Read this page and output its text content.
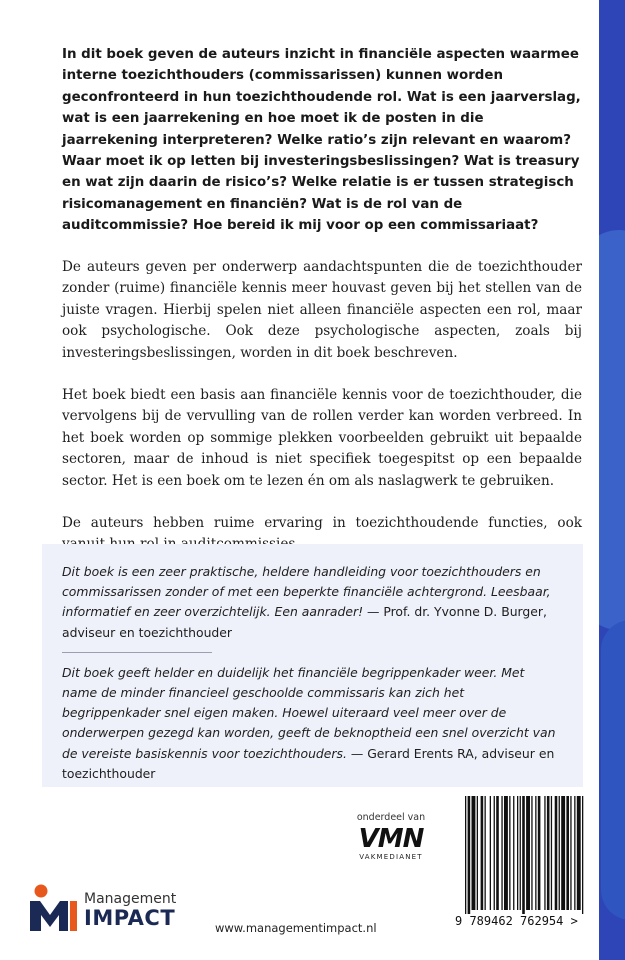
In dit boek geven de auteurs inzicht in financiële aspecten waarmee interne toezichthouders (commissarissen) kunnen worden geconfronteerd in hun toezichthoudende rol. Wat is een jaarverslag, wat is een jaarrekening en hoe moet ik de posten in die jaarrekening interpreteren? Welke ratio’s zijn relevant en waarom? Waar moet ik op letten bij investeringsbeslissingen? Wat is treasury en wat zijn daarin de risico’s? Welke relatie is er tussen strategisch risicomanagement en financiën? Wat is de rol van de auditcommissie? Hoe bereid ik mij voor op een commissariaat?

De auteurs geven per onderwerp aandachtspunten die de toezichthouder zonder (ruime) financiële kennis meer houvast geven bij het stellen van de juiste vragen. Hierbij spelen niet alleen financiële aspecten een rol, maar ook psychologische. Ook deze psychologische aspecten, zoals bij investeringsbeslissingen, worden in dit boek beschreven.

Het boek biedt een basis aan financiële kennis voor de toezichthouder, die vervolgens bij de vervulling van de rollen verder kan worden verbreed. In het boek worden op sommige plekken voorbeelden gebruikt uit bepaalde sectoren, maar de inhoud is niet specifiek toegespitst op een bepaalde sector. Het is een boek om te lezen én om als naslagwerk te gebruiken.

De auteurs hebben ruime ervaring in toezichthoudende functies, ook

Dit boek is een zeer praktische, heldere handleiding voor toezichthouders en commissarissen zonder of met een beperkte financiële achtergrond. Leesbaar, informatief en zeer overzichtelijk. Een aanrader! — Prof. dr. Yvonne D. Burger, adviseur en toezichthouder

Dit boek geeft helder en duidelijk het financiële begrippenkader weer. Met name de minder financieel geschoolde commissaris kan zich het begrippenkader snel eigen maken. Hoewel uiteraard veel meer over de onderwerpen gezegd kan worden, geeft de beknoptheid een snel overzicht van de vereiste basiskennis voor toezichthouders. — Gerard Erents RA, adviseur en toezichthouder

onderdeel van
VMN
VAKMEDIANET
9 789462 762954 >
Management
IMPACT	www.managementimpact.nl
